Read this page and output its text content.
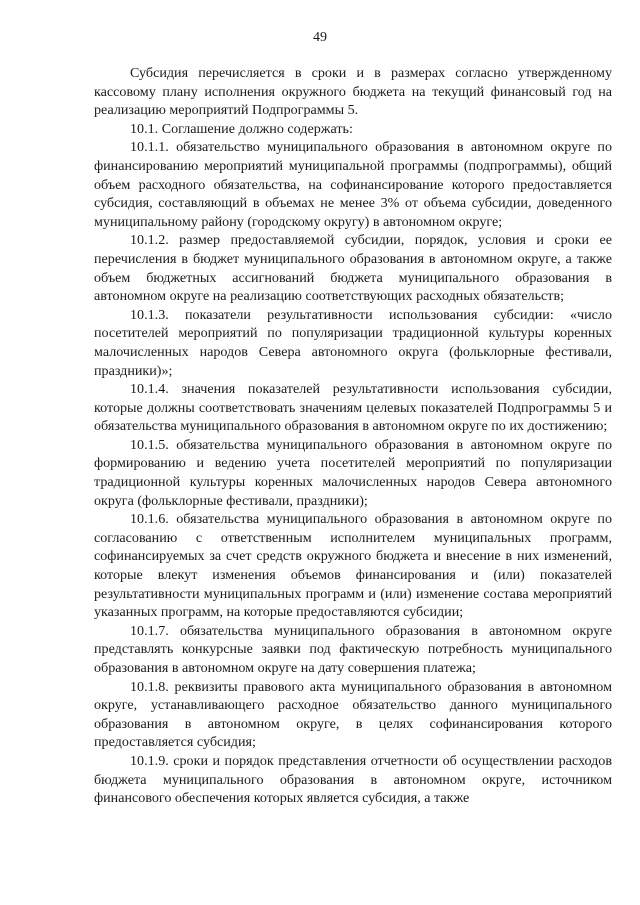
49

Субсидия перечисляется в сроки и в размерах согласно утвержденному кассовому плану исполнения окружного бюджета на текущий финансовый год на реализацию мероприятий Подпрограммы 5.

10.1. Соглашение должно содержать:

10.1.1. обязательство муниципального образования в автономном округе по финансированию мероприятий муниципальной программы (подпрограммы), общий объем расходного обязательства, на софинансирование которого предоставляется субсидия, составляющий в объемах не менее 3% от объема субсидии, доведенного муниципальному району (городскому округу) в автономном округе;

10.1.2. размер предоставляемой субсидии, порядок, условия и сроки ее перечисления в бюджет муниципального образования в автономном округе, а также объем бюджетных ассигнований бюджета муниципального образования в автономном округе на реализацию соответствующих расходных обязательств;

10.1.3. показатели результативности использования субсидии: «число посетителей мероприятий по популяризации традиционной культуры коренных малочисленных народов Севера автономного округа (фольклорные фестивали, праздники)»;

10.1.4. значения показателей результативности использования субсидии, которые должны соответствовать значениям целевых показателей Подпрограммы 5 и обязательства муниципального образования в автономном округе по их достижению;

10.1.5. обязательства муниципального образования в автономном округе по формированию и ведению учета посетителей мероприятий по популяризации традиционной культуры коренных малочисленных народов Севера автономного округа (фольклорные фестивали, праздники);

10.1.6. обязательства муниципального образования в автономном округе по согласованию с ответственным исполнителем муниципальных программ, софинансируемых за счет средств окружного бюджета и внесение в них изменений, которые влекут изменения объемов финансирования и (или) показателей результативности муниципальных программ и (или) изменение состава мероприятий указанных программ, на которые предоставляются субсидии;

10.1.7. обязательства муниципального образования в автономном округе представлять конкурсные заявки под фактическую потребность муниципального образования в автономном округе на дату совершения платежа;

10.1.8. реквизиты правового акта муниципального образования в автономном округе, устанавливающего расходное обязательство данного муниципального образования в автономном округе, в целях софинансирования которого предоставляется субсидия;

10.1.9. сроки и порядок представления отчетности об осуществлении расходов бюджета муниципального образования в автономном округе, источником финансового обеспечения которых является субсидия, а также
